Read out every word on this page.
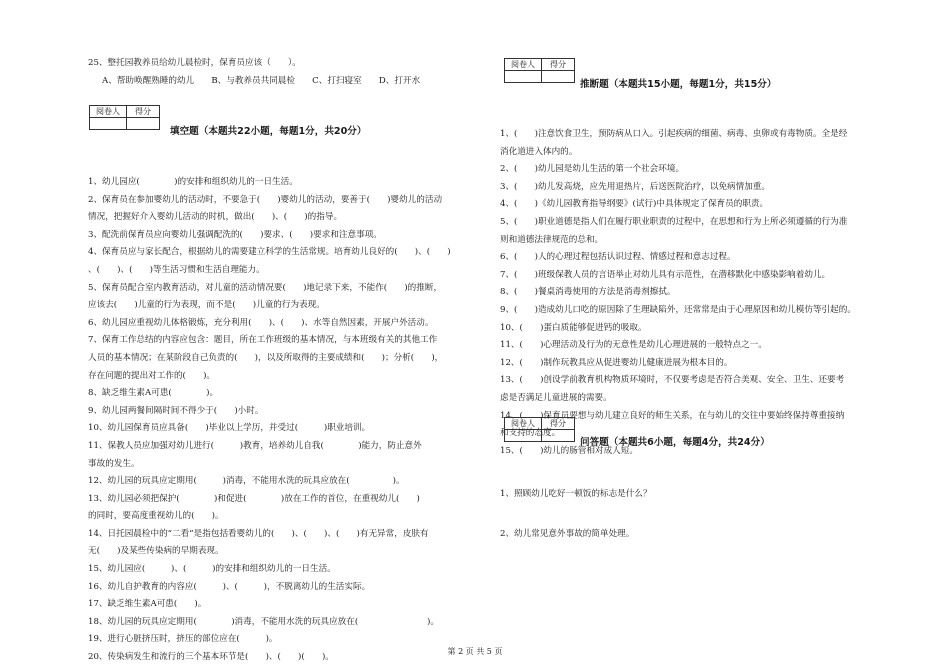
25、整托园教养员给幼儿晨检时，保育员应该（　　）。
A、帮助唤醒熟睡的幼儿　　B、与教养员共同晨检　　C、打扫寝室　　D、打开水
阅卷人	得分

填空题（本题共22小题，每题1分，共20分）
1、幼儿园应(　　　　)的安排和组织幼儿的一日生活。
2、保育员在参加婴幼儿的活动时，不要急于(　　)婴幼儿的活动，要善于(　　)婴幼儿的活动
情况，把握好介入婴幼儿活动的时机，做出(　　)、(　　)的指导。
3、配洗前保育员应向婴幼儿强调配洗的(　　)要求、(　　)要求和注意事项。
4、保育员应与家长配合，根据幼儿的需要建立科学的生活常规。培育幼儿良好的(　　)、(　　)
、(　　)、(　　)等生活习惯和生活自理能力。
5、保育员配合室内教育活动，对儿童的活动情况要(　　)地记录下来，不能作(　　)的推断，
应该去(　　)儿童的行为表现，而不是(　　)儿童的行为表现。
6、幼儿园应重视幼儿体格锻炼，充分利用(　　)、(　　)、水等自然因素，开展户外活动。
7、保育工作总结的内容应包含：题目，所在工作班级的基本情况，与本班级有关的其他工作
人员的基本情况；在某阶段自己负责的(　　)，以及所取得的主要成绩和(　　)；分析(　　)，
存在问题的提出对工作的(　　)。
8、缺乏维生素A可患(　　　　)。
9、幼儿园两餐间隔时间不得少于(　　)小时。
10、幼儿园保育员应具备(　　)毕业以上学历，并受过(　　　)职业培训。
11、保教人员应加强对幼儿进行(　　　)教育，培养幼儿自我(　　　　)能力，防止意外
事故的发生。
12、幼儿园的玩具应定期用(　　　)消毒，不能用水洗的玩具应放在(　　　　　)。
13、幼儿园必须把保护(　　　　)和促进(　　　　)放在工作的首位，在重视幼儿(　　)
的同时，要高度重视幼儿的(　　)。
14、日托园晨检中的“二看”是指包括看婴幼儿的(　　)、(　　)、(　　)有无异常，皮肤有
无(　　)及某些传染病的早期表现。
15、幼儿园应(　　　)、(　　　)的安排和组织幼儿的一日生活。
16、幼儿自护教育的内容应(　　　)、(　　　)，不脱离幼儿的生活实际。
17、缺乏维生素A可患(　　)。
18、幼儿园的玩具应定期用(　　　　)消毒，不能用水洗的玩具应放在(　　　　　　　　)。
19、进行心脏挤压时，挤压的部位应在(　　　)。
20、传染病发生和流行的三个基本环节是(　　)、(　　)(　　)。
阅卷人	得分

推断题（本题共15小题，每题1分，共15分）
1、(　　)注意饮食卫生，预防病从口入。引起疾病的细菌、病毒、虫卵或有毒物质。全是经
消化道进入体内的。
2、(　　)幼儿园是幼儿生活的第一个社会环境。
3、(　　)幼儿发高烧，应先用退热片，后送医院治疗，以免病情加重。
4、(　　)《幼儿园教育指导纲要》(试行)中具体规定了保育员的职责。
5、(　　)职业道德是指人们在履行职业职责的过程中，在思想和行为上所必须遵循的行为准
则和道德法律规范的总和。
6、(　　)人的心理过程包括认识过程、情感过程和意志过程。
7、(　　)班级保教人员的言语举止对幼儿具有示范性，在潜移默化中感染影响着幼儿。
8、(　　)餐桌消毒使用的方法是消毒剂擦拭。
9、(　　)造成幼儿口吃的原因除了生理缺陷外，还常常是由于心理原因和幼儿模仿等引起的。
10、(　　)蛋白质能够促进钙的吸取。
11、(　　)心理活动及行为的无意性是幼儿心理进展的一般特点之一。
12、(　　)制作玩教具应从促进婴幼儿健康进展为根本目的。
13、(　　)创设学前教育机构物质环境时，不仅要考虑是否符合美观、安全、卫生、还要考
虑是否满足儿童进展的需要。
14、(　　)保育员要想与幼儿建立良好的师生关系，在与幼儿的交往中要始终保持尊重接纳
和支持的态度。
15、(　　)幼儿的肠管相对成人短。
阅卷人	得分

问答题（本题共6小题，每题4分，共24分）
1、照顾幼儿吃好一顿饭的标志是什么？
2、幼儿常见意外事故的简单处理。
第 2 页 共 5 页
